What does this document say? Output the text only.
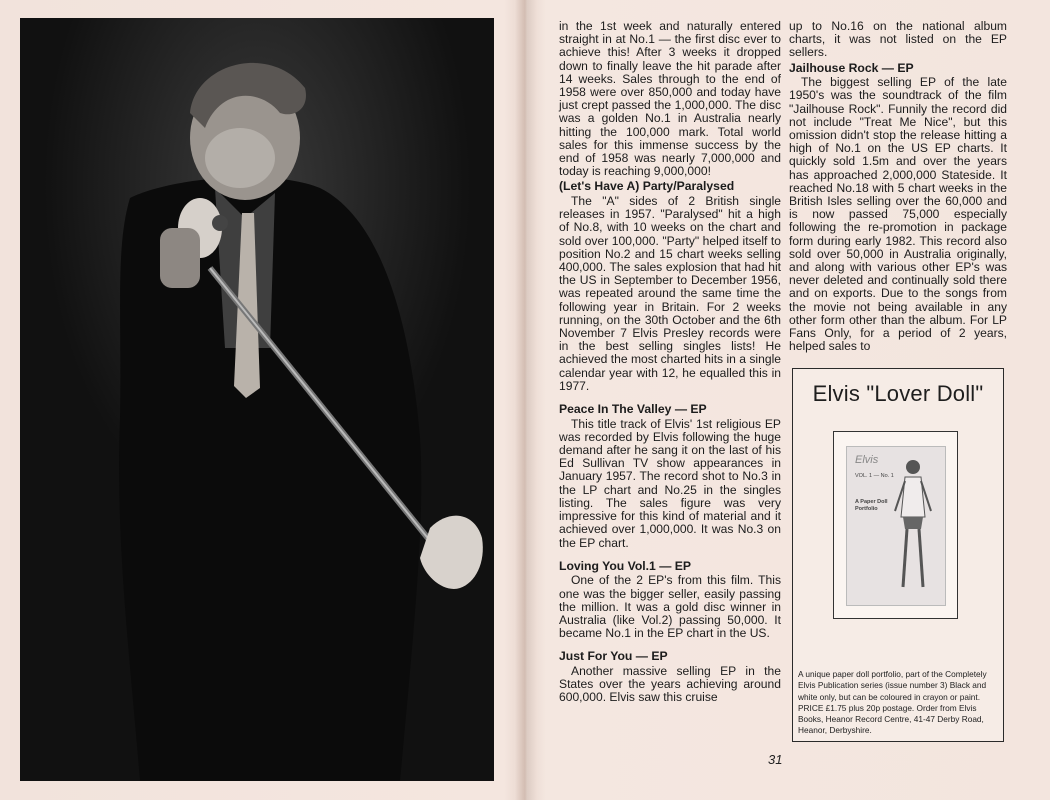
in the 1st week and naturally entered straight in at No.1 — the first disc ever to achieve this! After 3 weeks it dropped down to finally leave the hit parade after 14 weeks. Sales through to the end of 1958 were over 850,000 and today have just crept passed the 1,000,000. The disc was a golden No.1 in Australia nearly hitting the 100,000 mark. Total world sales for this immense success by the end of 1958 was nearly 7,000,000 and today is reaching 9,000,000!

(Let's Have A) Party/Paralysed

The "A" sides of 2 British single releases in 1957. "Paralysed" hit a high of No.8, with 10 weeks on the chart and sold over 100,000. "Party" helped itself to position No.2 and 15 chart weeks selling 400,000. The sales explosion that had hit the US in September to December 1956, was repeated around the same time the following year in Britain. For 2 weeks running, on the 30th October and the 6th November 7 Elvis Presley records were in the best selling singles lists! He achieved the most charted hits in a single calendar year with 12, he equalled this in 1977.

Peace In The Valley — EP

This title track of Elvis' 1st religious EP was recorded by Elvis following the huge demand after he sang it on the last of his Ed Sullivan TV show appearances in January 1957. The record shot to No.3 in the LP chart and No.25 in the singles listing. The sales figure was very impressive for this kind of material and it achieved over 1,000,000. It was No.3 on the EP chart.

Loving You Vol.1 — EP

One of the 2 EP's from this film. This one was the bigger seller, easily passing the million. It was a gold disc winner in Australia (like Vol.2) passing 50,000. It became No.1 in the EP chart in the US.

Just For You — EP

Another massive selling EP in the States over the years achieving around 600,000. Elvis saw this cruise

up to No.16 on the national album charts, it was not listed on the EP sellers.

Jailhouse Rock — EP

The biggest selling EP of the late 1950's was the soundtrack of the film "Jailhouse Rock". Funnily the record did not include "Treat Me Nice", but this omission didn't stop the release hitting a high of No.1 on the US EP charts. It quickly sold 1.5m and over the years has approached 2,000,000 Stateside. It reached No.18 with 5 chart weeks in the British Isles selling over the 60,000 and is now passed 75,000 especially following the re-promotion in package form during early 1982. This record also sold over 50,000 in Australia originally, and along with various other EP's was never deleted and continually sold there and on exports. Due to the songs from the movie not being available in any other form other than the album. For LP Fans Only, for a period of 2 years, helped sales to

Elvis "Lover Doll"
Elvis
VOL. 1 — No. 1
A Paper Doll Portfolio
A unique paper doll portfolio, part of the Completely Elvis Publication series (issue number 3) Black and white only, but can be coloured in crayon or paint. PRICE £1.75 plus 20p postage. Order from Elvis Books, Heanor Record Centre, 41-47 Derby Road, Heanor, Derbyshire.
31
